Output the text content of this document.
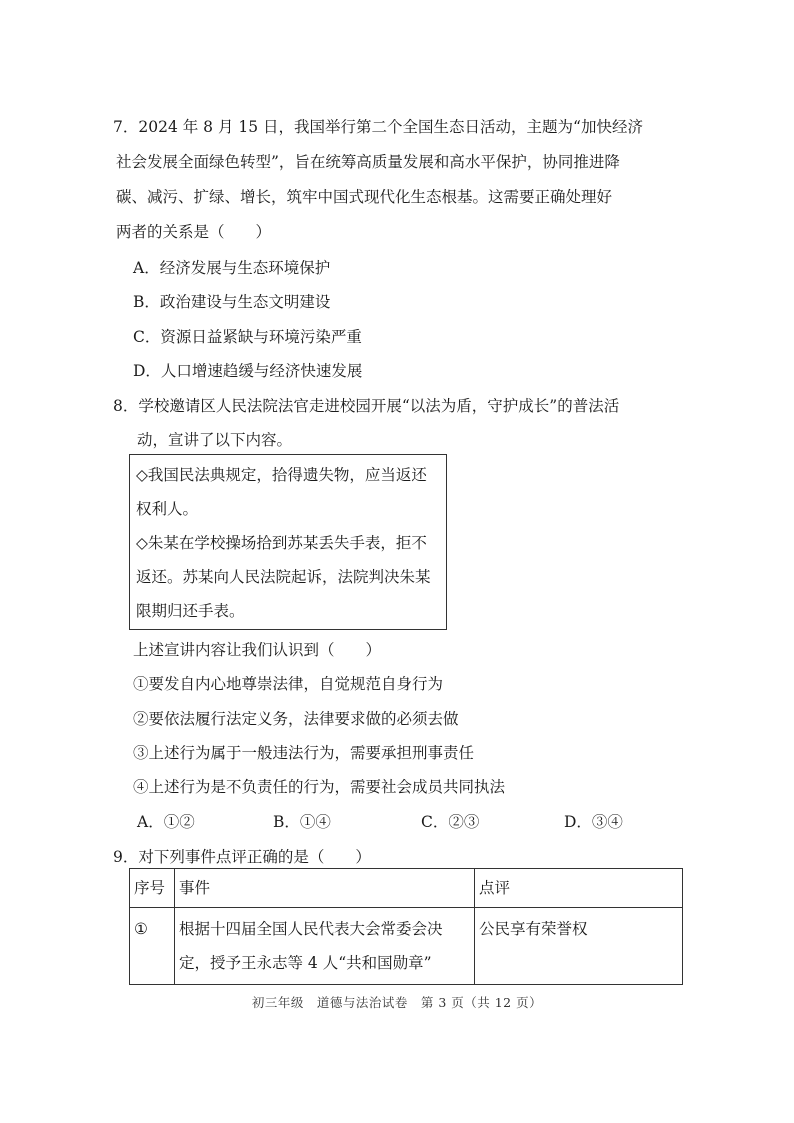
7．2024 年 8 月 15 日，我国举行第二个全国生态日活动，主题为“加快经济
社会发展全面绿色转型”，旨在统筹高质量发展和高水平保护，协同推进降
碳、减污、扩绿、增长，筑牢中国式现代化生态根基。这需要正确处理好
两者的关系是（　　）
A．经济发展与生态环境保护
B．政治建设与生态文明建设
C．资源日益紧缺与环境污染严重
D．人口增速趋缓与经济快速发展
8．学校邀请区人民法院法官走进校园开展“以法为盾，守护成长”的普法活
动，宣讲了以下内容。
◇我国民法典规定，拾得遗失物，应当返还
权利人。
◇朱某在学校操场拾到苏某丢失手表，拒不
返还。苏某向人民法院起诉，法院判决朱某
限期归还手表。
上述宣讲内容让我们认识到（　　）
①要发自内心地尊崇法律，自觉规范自身行为
②要依法履行法定义务，法律要求做的必须去做
③上述行为属于一般违法行为，需要承担刑事责任
④上述行为是不负责任的行为，需要社会成员共同执法
A．①②	B．①④	C．②③	D．③④
9．对下列事件点评正确的是（　　）
序号	事件	点评
①	根据十四届全国人民代表大会常委会决
定，授予王永志等 4 人“共和国勋章”	公民享有荣誉权
初三年级　道德与法治试卷　第 3 页（共 12 页）
